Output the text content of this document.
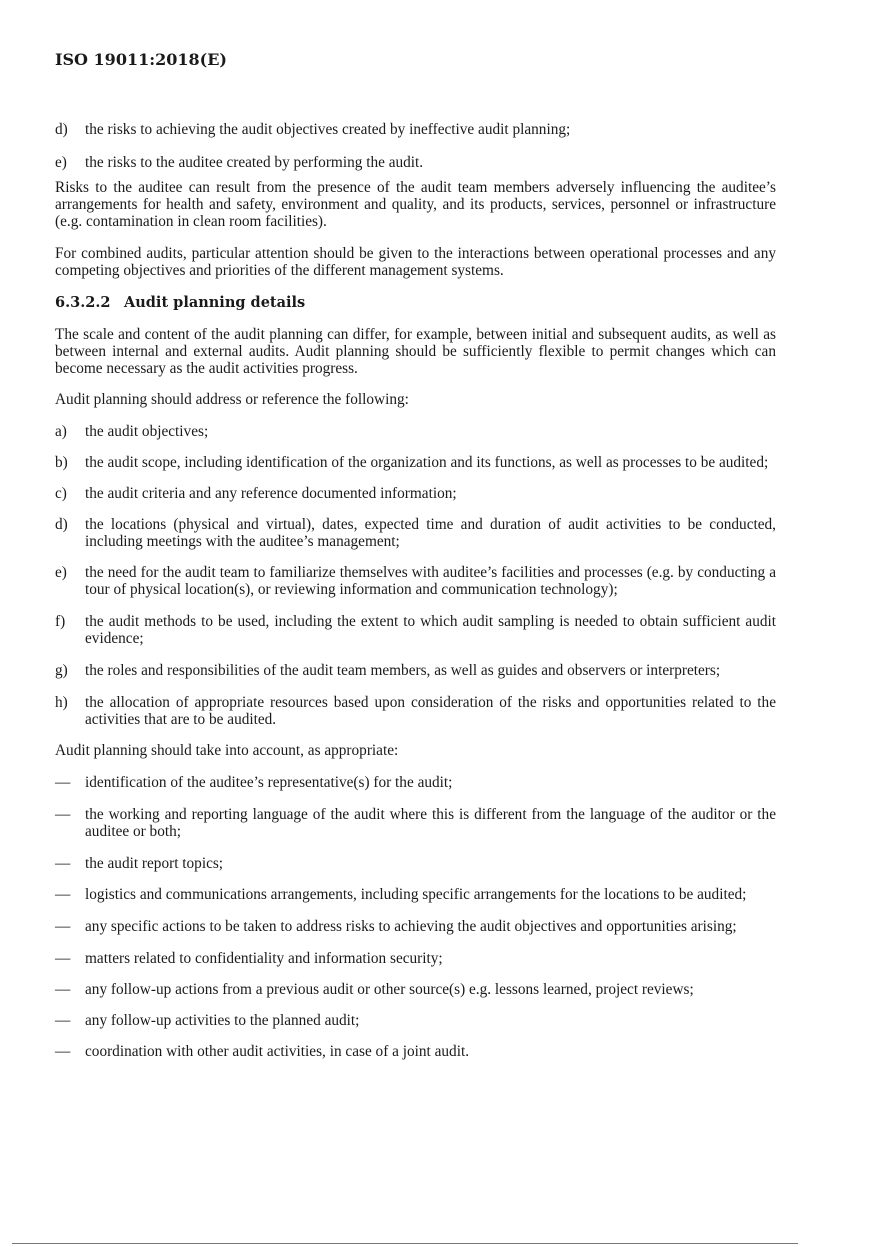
ISO 19011:2018(E)
d) the risks to achieving the audit objectives created by ineffective audit planning;
e) the risks to the auditee created by performing the audit.

Risks to the auditee can result from the presence of the audit team members adversely influencing the auditee’s arrangements for health and safety, environment and quality, and its products, services, personnel or infrastructure (e.g. contamination in clean room facilities).

For combined audits, particular attention should be given to the interactions between operational processes and any competing objectives and priorities of the different management systems.

6.3.2.2 Audit planning details

The scale and content of the audit planning can differ, for example, between initial and subsequent audits, as well as between internal and external audits. Audit planning should be sufficiently flexible to permit changes which can become necessary as the audit activities progress.

Audit planning should address or reference the following:

a) the audit objectives;
b) the audit scope, including identification of the organization and its functions, as well as processes to be audited;
c) the audit criteria and any reference documented information;
d) the locations (physical and virtual), dates, expected time and duration of audit activities to be conducted, including meetings with the auditee’s management;
e) the need for the audit team to familiarize themselves with auditee’s facilities and processes (e.g. by conducting a tour of physical location(s), or reviewing information and communication technology);
f) the audit methods to be used, including the extent to which audit sampling is needed to obtain sufficient audit evidence;
g) the roles and responsibilities of the audit team members, as well as guides and observers or interpreters;
h) the allocation of appropriate resources based upon consideration of the risks and opportunities related to the activities that are to be audited.

Audit planning should take into account, as appropriate:

— identification of the auditee’s representative(s) for the audit;
— the working and reporting language of the audit where this is different from the language of the auditor or the auditee or both;
— the audit report topics;
— logistics and communications arrangements, including specific arrangements for the locations to be audited;
— any specific actions to be taken to address risks to achieving the audit objectives and opportunities arising;
— matters related to confidentiality and information security;
— any follow-up actions from a previous audit or other source(s) e.g. lessons learned, project reviews;
— any follow-up activities to the planned audit;
— coordination with other audit activities, in case of a joint audit.
